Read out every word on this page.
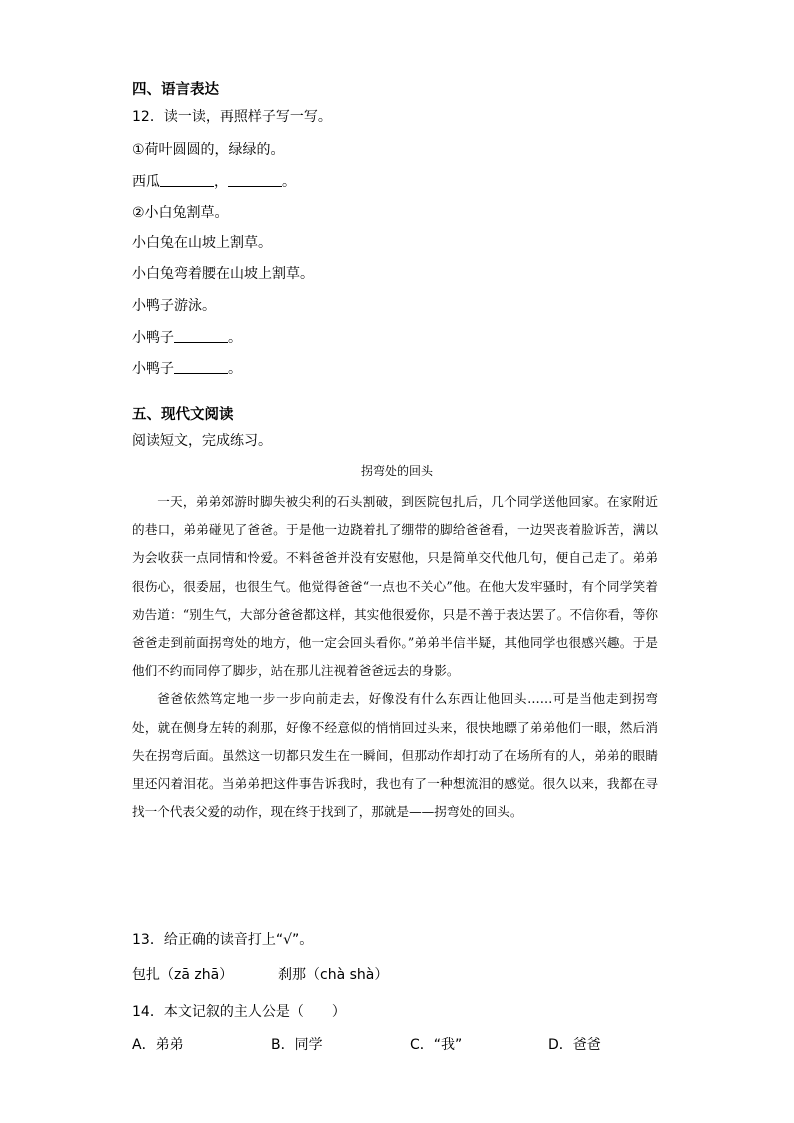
四、语言表达
12．读一读，再照样子写一写。
①荷叶圆圆的，绿绿的。
西瓜	，	。
②小白兔割草。
小白兔在山坡上割草。
小白兔弯着腰在山坡上割草。
小鸭子游泳。
小鸭子	。
小鸭子	。
五、现代文阅读
阅读短文，完成练习。
拐弯处的回头

一天，弟弟郊游时脚失被尖利的石头割破，到医院包扎后，几个同学送他回家。在家附近的巷口，弟弟碰见了爸爸。于是他一边跷着扎了绷带的脚给爸爸看，一边哭丧着脸诉苦，满以为会收获一点同情和怜爱。不料爸爸并没有安慰他，只是简单交代他几句，便自己走了。弟弟很伤心，很委屈，也很生气。他觉得爸爸“一点也不关心”他。在他大发牢骚时，有个同学笑着劝告道：“别生气，大部分爸爸都这样，其实他很爱你，只是不善于表达罢了。不信你看，等你爸爸走到前面拐弯处的地方，他一定会回头看你。”弟弟半信半疑，其他同学也很感兴趣。于是他们不约而同停了脚步，站在那儿注视着爸爸远去的身影。

爸爸依然笃定地一步一步向前走去，好像没有什么东西让他回头……可是当他走到拐弯处，就在侧身左转的刹那，好像不经意似的悄悄回过头来，很快地瞟了弟弟他们一眼，然后消失在拐弯后面。虽然这一切都只发生在一瞬间，但那动作却打动了在场所有的人，弟弟的眼睛里还闪着泪花。当弟弟把这件事告诉我时，我也有了一种想流泪的感觉。很久以来，我都在寻找一个代表父爱的动作，现在终于找到了，那就是——拐弯处的回头。

13．给正确的读音打上“√”。
包扎（zā zhā）	刹那（chà shà）
14．本文记叙的主人公是（　　）
A．弟弟	B．同学	C．“我”	D．爸爸
